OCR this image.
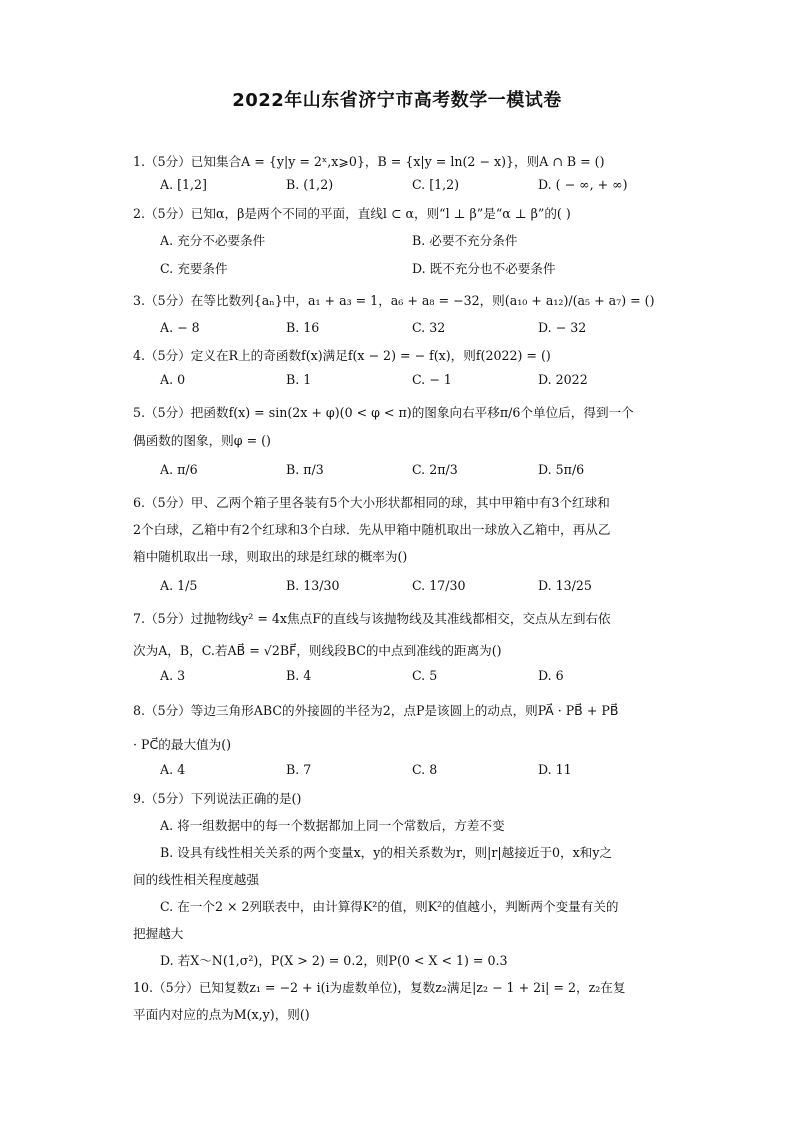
2022年山东省济宁市高考数学一模试卷
1.（5分）已知集合A = {y|y = 2ˣ,x⩾0}，B = {x|y = ln(2 − x)}，则A ∩ B = ()
A. [1,2]	B. (1,2)	C. [1,2)	D. ( − ∞, + ∞)
2.（5分）已知α，β是两个不同的平面，直线l ⊂ α，则“l ⊥ β”是“α ⊥ β”的( )
A. 充分不必要条件	B. 必要不充分条件
C. 充要条件	D. 既不充分也不必要条件
3.（5分）在等比数列{aₙ}中，a₁ + a₃ = 1，a₆ + a₈ = −32，则(a₁₀ + a₁₂)/(a₅ + a₇) = ()
A. − 8	B. 16	C. 32	D. − 32
4.（5分）定义在R上的奇函数f(x)满足f(x − 2) = − f(x)，则f(2022) = ()
A. 0	B. 1	C. − 1	D. 2022
5.（5分）把函数f(x) = sin(2x + φ)(0 < φ < π)的图象向右平移π/6个单位后，得到一个
偶函数的图象，则φ = ()
A. π/6	B. π/3	C. 2π/3	D. 5π/6
6.（5分）甲、乙两个箱子里各装有5个大小形状都相同的球，其中甲箱中有3个红球和
2个白球，乙箱中有2个红球和3个白球．先从甲箱中随机取出一球放入乙箱中，再从乙
箱中随机取出一球，则取出的球是红球的概率为()
A. 1/5	B. 13/30	C. 17/30	D. 13/25
7.（5分）过抛物线y² = 4x焦点F的直线与该抛物线及其准线都相交，交点从左到右依
次为A，B，C.若AB⃗ = √2BF⃗，则线段BC的中点到准线的距离为()
A. 3	B. 4	C. 5	D. 6
8.（5分）等边三角形ABC的外接圆的半径为2，点P是该圆上的动点，则PA⃗ · PB⃗ + PB⃗
· PC⃗的最大值为()
A. 4	B. 7	C. 8	D. 11
9.（5分）下列说法正确的是()
A. 将一组数据中的每一个数据都加上同一个常数后，方差不变
B. 设具有线性相关关系的两个变量x，y的相关系数为r，则|r|越接近于0，x和y之
间的线性相关程度越强
C. 在一个2 × 2列联表中，由计算得K²的值，则K²的值越小，判断两个变量有关的
把握越大
D. 若X～N(1,σ²)，P(X > 2) = 0.2，则P(0 < X < 1) = 0.3
10.（5分）已知复数z₁ = −2 + i(i为虚数单位)，复数z₂满足|z₂ − 1 + 2i| = 2，z₂在复
平面内对应的点为M(x,y)，则()
